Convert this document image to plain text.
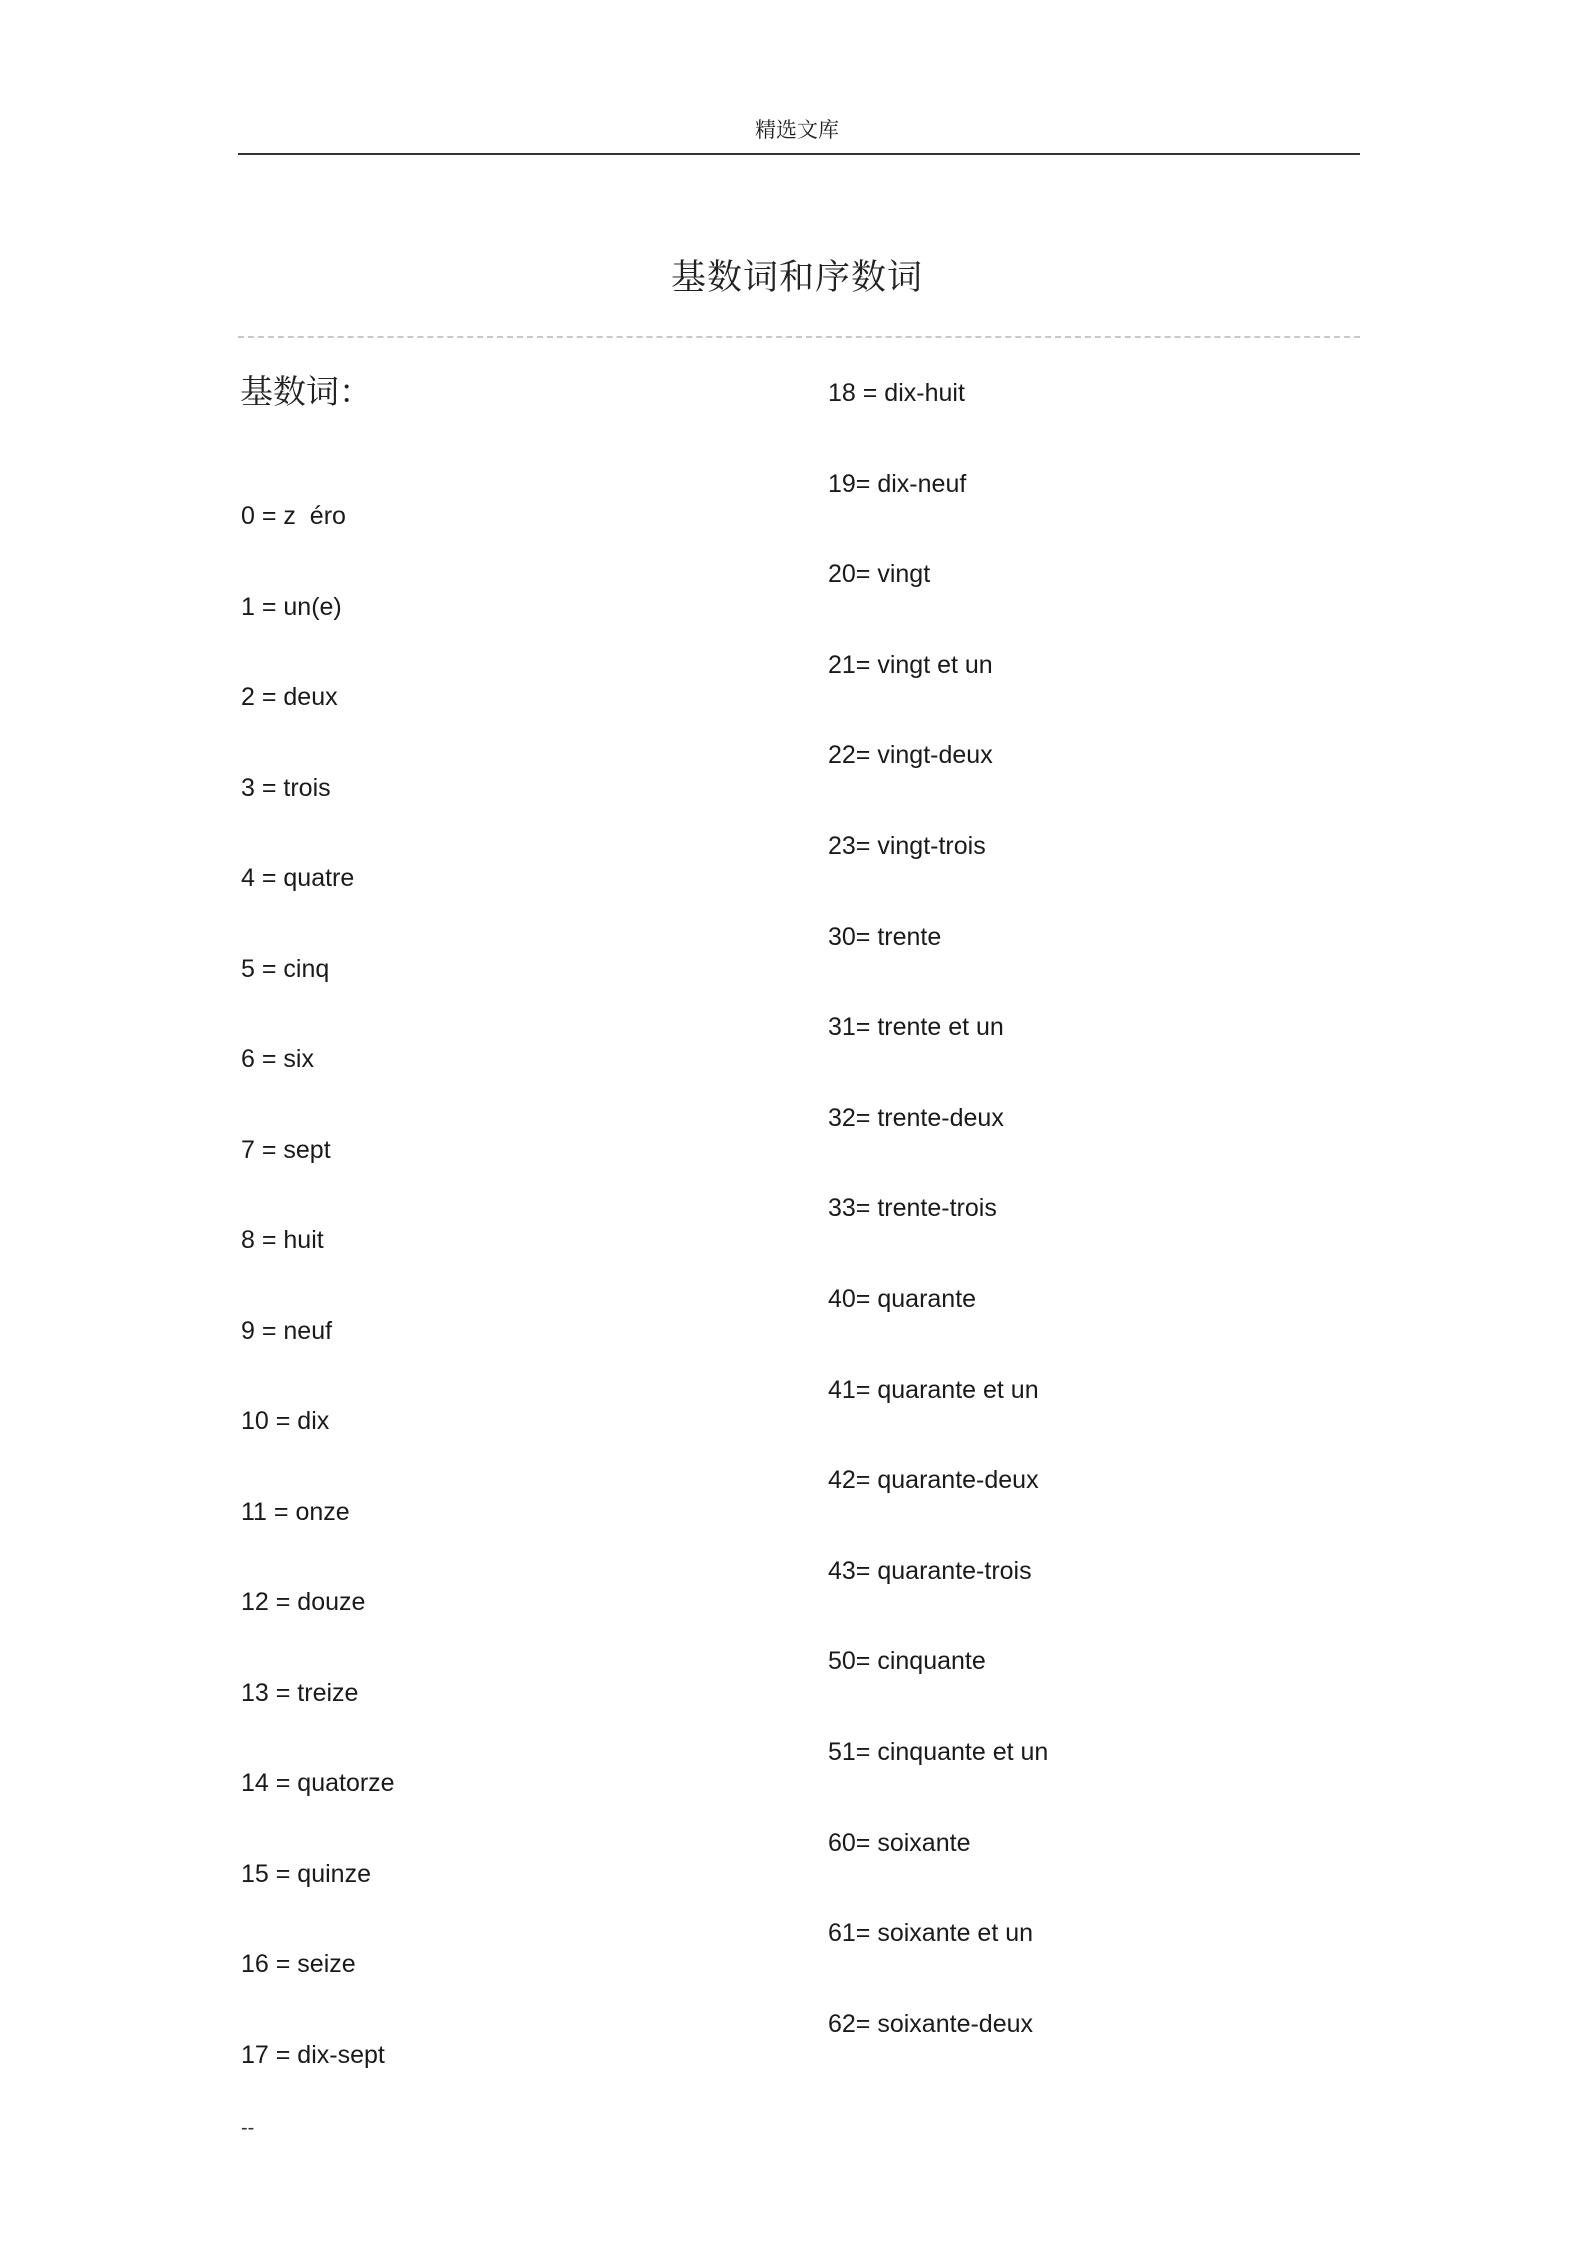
精选文库
基数词和序数词
基数词：
0 = z  éro
1 = un(e)
2 = deux
3 = trois
4 = quatre
5 = cinq
6 = six
7 = sept
8 = huit
9 = neuf
10 = dix
11 = onze
12 = douze
13 = treize
14 = quatorze
15 = quinze
16 = seize
17 = dix-sept
18 = dix-huit
19= dix-neuf
20= vingt
21= vingt et un
22= vingt-deux
23= vingt-trois
30= trente
31= trente et un
32= trente-deux
33= trente-trois
40= quarante
41= quarante et un
42= quarante-deux
43= quarante-trois
50= cinquante
51= cinquante et un
60= soixante
61= soixante et un
62= soixante-deux
--
